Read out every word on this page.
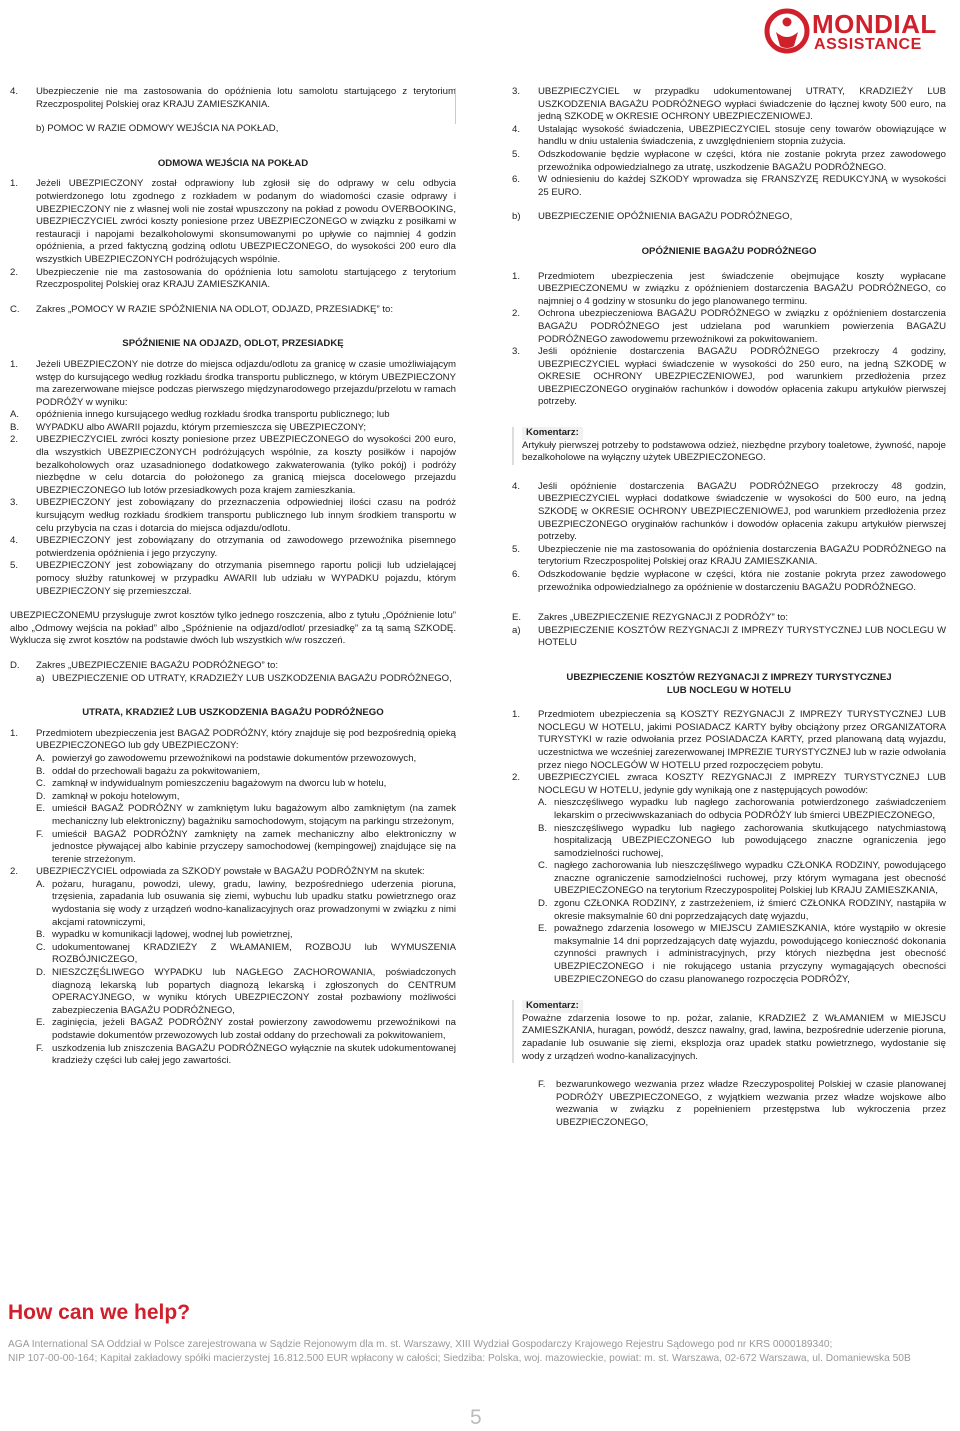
MONDIAL
ASSISTANCE
4.	Ubezpieczenie nie ma zastosowania do opóźnienia lotu samolotu startującego z terytorium Rzeczpospolitej Polskiej oraz KRAJU ZAMIESZKANIA.
b) POMOC W RAZIE ODMOWY WEJŚCIA NA POKŁAD,
ODMOWA WEJŚCIA NA POKŁAD
1.	Jeżeli UBEZPIECZONY został odprawiony lub zgłosił się do odprawy w celu odbycia potwierdzonego lotu zgodnego z rozkładem w podanym do wiadomości czasie odprawy i UBEZPIECZONY nie z własnej woli nie został wpuszczony na pokład z powodu OVERBOOKING, UBEZPIECZYCIEL zwróci koszty poniesione przez UBEZPIECZONEGO w związku z posiłkami w restauracji i napojami bezalkoholowymi skonsumowanymi po upływie co najmniej 4 godzin opóźnienia, a przed faktyczną godziną odlotu UBEZPIECZONEGO, do wysokości 200 euro dla wszystkich UBEZPIECZONYCH podróżujących wspólnie.
2.	Ubezpieczenie nie ma zastosowania do opóźnienia lotu samolotu startującego z terytorium Rzeczpospolitej Polskiej oraz KRAJU ZAMIESZKANIA.
C.	Zakres „POMOCY W RAZIE SPÓŹNIENIA NA ODLOT, ODJAZD, PRZESIADKĘ” to:
SPÓŹNIENIE NA ODJAZD, ODLOT, PRZESIADKĘ
1.	Jeżeli UBEZPIECZONY nie dotrze do miejsca odjazdu/odlotu za granicę w czasie umożliwiającym wstęp do kursującego według rozkładu środka transportu publicznego, w którym UBEZPIECZONY ma zarezerwowane miejsce podczas pierwszego międzynarodowego przejazdu/przelotu w ramach PODRÓŻY w wyniku:
A.	opóźnienia innego kursującego według rozkładu środka transportu publicznego; lub
B.	WYPADKU albo AWARII pojazdu, którym przemieszcza się UBEZPIECZONY;
2.	UBEZPIECZYCIEL zwróci koszty poniesione przez UBEZPIECZONEGO do wysokości 200 euro, dla wszystkich UBEZPIECZONYCH podróżujących wspólnie, za koszty posiłków i napojów bezalkoholowych oraz uzasadnionego dodatkowego zakwaterowania (tylko pokój) i podróży niezbędne w celu dotarcia do położonego za granicą miejsca docelowego przejazdu UBEZPIECZONEGO lub lotów przesiadkowych poza krajem zamieszkania.
3.	UBEZPIECZONY jest zobowiązany do przeznaczenia odpowiedniej ilości czasu na podróż kursującym według rozkładu środkiem transportu publicznego lub innym środkiem transportu w celu przybycia na czas i dotarcia do miejsca odjazdu/odlotu.
4.	UBEZPIECZONY jest zobowiązany do otrzymania od zawodowego przewoźnika pisemnego potwierdzenia opóźnienia i jego przyczyny.
5.	UBEZPIECZONY jest zobowiązany do otrzymania pisemnego raportu policji lub udzielającej pomocy służby ratunkowej w przypadku AWARII lub udziału w WYPADKU pojazdu, którym UBEZPIECZONY się przemieszczał.
UBEZPIECZONEMU przysługuje zwrot kosztów tylko jednego roszczenia, albo z tytułu „Opóźnienie lotu” albo „Odmowy wejścia na pokład” albo „Spóźnienie na odjazd/odlot/ przesiadkę” za tą samą SZKODĘ. Wyklucza się zwrot kosztów na podstawie dwóch lub wszystkich w/w roszczeń.
D.	Zakres „UBEZPIECZENIE BAGAŻU PODRÓŻNEGO” to:
a) UBEZPIECZENIE OD UTRATY, KRADZIEŻY LUB USZKODZENIA BAGAŻU PODRÓŻNEGO,
UTRATA, KRADZIEŻ LUB USZKODZENIA BAGAŻU PODRÓŻNEGO
1.	Przedmiotem ubezpieczenia jest BAGAŻ PODRÓŻNY, który znajduje się pod bezpośrednią opieką UBEZPIECZONEGO lub gdy UBEZPIECZONY:
A. powierzył go zawodowemu przewoźnikowi na podstawie dokumentów przewozowych,
B. oddał do przechowali bagażu za pokwitowaniem,
C. zamknął w indywidualnym pomieszczeniu bagażowym na dworcu lub w hotelu,
D. zamknął w pokoju hotelowym,
E. umieścił BAGAŻ PODRÓŻNY w zamkniętym luku bagażowym albo zamkniętym (na zamek mechaniczny lub elektroniczny) bagażniku samochodowym, stojącym na parkingu strzeżonym,
F. umieścił BAGAŻ PODRÓŻNY zamknięty na zamek mechaniczny albo elektroniczny w jednostce pływającej albo kabinie przyczepy samochodowej (kempingowej) znajdujące się na terenie strzeżonym.
2.	UBEZPIECZYCIEL odpowiada za SZKODY powstałe w BAGAŻU PODRÓŻNYM na skutek:
A. pożaru, huraganu, powodzi, ulewy, gradu, lawiny, bezpośredniego uderzenia pioruna, trzęsienia, zapadania lub osuwania się ziemi, wybuchu lub upadku statku powietrznego oraz wydostania się wody z urządzeń wodno-kanalizacyjnych oraz prowadzonymi w związku z nimi akcjami ratowniczymi,
B. wypadku w komunikacji lądowej, wodnej lub powietrznej,
C. udokumentowanej KRADZIEŻY Z WŁAMANIEM, ROZBOJU lub WYMUSZENIA ROZBÓJNICZEGO,
D. NIESZCZĘŚLIWEGO WYPADKU lub NAGŁEGO ZACHOROWANIA, poświadczonych diagnozą lekarską lub popartych diagnozą lekarską i zgłoszonych do CENTRUM OPERACYJNEGO, w wyniku których UBEZPIECZONY został pozbawiony możliwości zabezpieczenia BAGAŻU PODRÓŻNEGO,
E. zaginięcia, jeżeli BAGAŻ PODRÓŻNY został powierzony zawodowemu przewoźnikowi na podstawie dokumentów przewozowych lub został oddany do przechowali za pokwitowaniem,
F. uszkodzenia lub zniszczenia BAGAŻU PODRÓŻNEGO wyłącznie na skutek udokumentowanej kradzieży części lub całej jego zawartości.
3.	UBEZPIECZYCIEL w przypadku udokumentowanej UTRATY, KRADZIEŻY LUB USZKODZENIA BAGAŻU PODRÓŻNEGO wypłaci świadczenie do łącznej kwoty 500 euro, na jedną SZKODĘ w OKRESIE OCHRONY UBEZPIECZENIOWEJ.
4.	Ustalając wysokość świadczenia, UBEZPIECZYCIEL stosuje ceny towarów obowiązujące w handlu w dniu ustalenia świadczenia, z uwzględnieniem stopnia zużycia.
5.	Odszkodowanie będzie wypłacone w części, która nie zostanie pokryta przez zawodowego przewoźnika odpowiedzialnego za utratę, uszkodzenie BAGAŻU PODRÓŻNEGO.
6.	W odniesieniu do każdej SZKODY wprowadza się FRANSZYZĘ REDUKCYJNĄ w wysokości 25 EURO.
b)	UBEZPIECZENIE OPÓŹNIENIA BAGAŻU PODRÓŻNEGO,
OPÓŹNIENIE BAGAŻU PODRÓŻNEGO
1.	Przedmiotem ubezpieczenia jest świadczenie obejmujące koszty wypłacane UBEZPIECZONEMU w związku z opóźnieniem dostarczenia BAGAŻU PODRÓŻNEGO, co najmniej o 4 godziny w stosunku do jego planowanego terminu.
2.	Ochrona ubezpieczeniowa BAGAŻU PODRÓŻNEGO w związku z opóźnieniem dostarczenia BAGAŻU PODRÓŻNEGO jest udzielana pod warunkiem powierzenia BAGAŻU PODRÓŻNEGO zawodowemu przewoźnikowi za pokwitowaniem.
3.	Jeśli opóźnienie dostarczenia BAGAŻU PODRÓŻNEGO przekroczy 4 godziny, UBEZPIECZYCIEL wypłaci świadczenie w wysokości do 250 euro, na jedną SZKODĘ w OKRESIE OCHRONY UBEZPIECZENIOWEJ, pod warunkiem przedłożenia przez UBEZPIECZONEGO oryginałów rachunków i dowodów opłacenia zakupu artykułów pierwszej potrzeby.
Komentarz:
Artykuły pierwszej potrzeby to podstawowa odzież, niezbędne przybory toaletowe, żywność, napoje bezalkoholowe na wyłączny użytek UBEZPIECZONEGO.
4.	Jeśli opóźnienie dostarczenia BAGAŻU PODRÓŻNEGO przekroczy 48 godzin, UBEZPIECZYCIEL wypłaci dodatkowe świadczenie w wysokości do 500 euro, na jedną SZKODĘ w OKRESIE OCHRONY UBEZPIECZENIOWEJ, pod warunkiem przedłożenia przez UBEZPIECZONEGO oryginałów rachunków i dowodów opłacenia zakupu artykułów pierwszej potrzeby.
5.	Ubezpieczenie nie ma zastosowania do opóźnienia dostarczenia BAGAŻU PODRÓŻNEGO na terytorium Rzeczpospolitej Polskiej oraz KRAJU ZAMIESZKANIA.
6.	Odszkodowanie będzie wypłacone w części, która nie zostanie pokryta przez zawodowego przewoźnika odpowiedzialnego za opóźnienie w dostarczeniu BAGAŻU PODRÓŻNEGO.
E.	Zakres „UBEZPIECZENIE REZYGNACJI Z PODRÓŻY” to:
a)	UBEZPIECZENIE KOSZTÓW REZYGNACJI Z IMPREZY TURYSTYCZNEJ LUB NOCLEGU W HOTELU
UBEZPIECZENIE KOSZTÓW REZYGNACJI Z IMPREZY TURYSTYCZNEJ
LUB NOCLEGU W HOTELU
1.	Przedmiotem ubezpieczenia są KOSZTY REZYGNACJI Z IMPREZY TURYSTYCZNEJ LUB NOCLEGU W HOTELU, jakimi POSIADACZ KARTY byłby obciążony przez ORGANIZATORA TURYSTYKI w razie odwołania przez POSIADACZA KARTY, przed planowaną datą wyjazdu, uczestnictwa we wcześniej zarezerwowanej IMPREZIE TURYSTYCZNEJ lub w razie odwołania przez niego NOCLEGÓW W HOTELU przed rozpoczęciem pobytu.
2.	UBEZPIECZYCIEL zwraca KOSZTY REZYGNACJI Z IMPREZY TURYSTYCZNEJ LUB NOCLEGU W HOTELU, jedynie gdy wynikają one z następujących powodów:
A. nieszczęśliwego wypadku lub nagłego zachorowania potwierdzonego zaświadczeniem lekarskim o przeciwwskazaniach do odbycia PODRÓŻY lub śmierci UBEZPIECZONEGO,
B. nieszczęśliwego wypadku lub nagłego zachorowania skutkującego natychmiastową hospitalizacją UBEZPIECZONEGO lub powodującego znaczne ograniczenia jego samodzielności ruchowej,
C. nagłego zachorowania lub nieszczęśliwego wypadku CZŁONKA RODZINY, powodującego znaczne ograniczenie samodzielności ruchowej, przy którym wymagana jest obecność UBEZPIECZONEGO na terytorium Rzeczypospolitej Polskiej lub KRAJU ZAMIESZKANIA,
D. zgonu CZŁONKA RODZINY, z zastrzeżeniem, iż śmierć CZŁONKA RODZINY, nastąpiła w okresie maksymalnie 60 dni poprzedzających datę wyjazdu,
E. powažnego zdarzenia losowego w MIEJSCU ZAMIESZKANIA, które wystąpiło w okresie maksymalnie 14 dni poprzedzających datę wyjazdu, powodującego konieczność dokonania czynności prawnych i administracyjnych, przy których niezbędna jest obecność UBEZPIECZONEGO i nie rokującego ustania przyczyny wymagających obecności UBEZPIECZONEGO do czasu planowanego rozpoczęcia PODRÓŻY,
Komentarz:
Poważne zdarzenia losowe to np. pożar, zalanie, KRADZIEŻ Z WŁAMANIEM w MIEJSCU ZAMIESZKANIA, huragan, powódź, deszcz nawalny, grad, lawina, bezpośrednie uderzenie pioruna, zapadanie lub osuwanie się ziemi, eksplozja oraz upadek statku powietrznego, wydostanie się wody z urządzeń wodno-kanalizacyjnych.
F.	bezwarunkowego wezwania przez władze Rzeczypospolitej Polskiej w czasie planowanej PODRÓŻY UBEZPIECZONEGO, z wyjątkiem wezwania przez władze wojskowe albo wezwania w związku z popełnieniem przestępstwa lub wykroczenia przez UBEZPIECZONEGO,
How can we help?
AGA International SA Oddział w Polsce zarejestrowana w Sądzie Rejonowym dla m. st. Warszawy, XIII Wydział Gospodarczy Krajowego Rejestru Sądowego pod nr KRS 0000189340;
NIP 107-00-00-164; Kapitał zakładowy spółki macierzystej 16.812.500 EUR wpłacony w całości; Siedziba: Polska, woj. mazowieckie, powiat: m. st. Warszawa, 02-672 Warszawa, ul. Domaniewska 50B
5
